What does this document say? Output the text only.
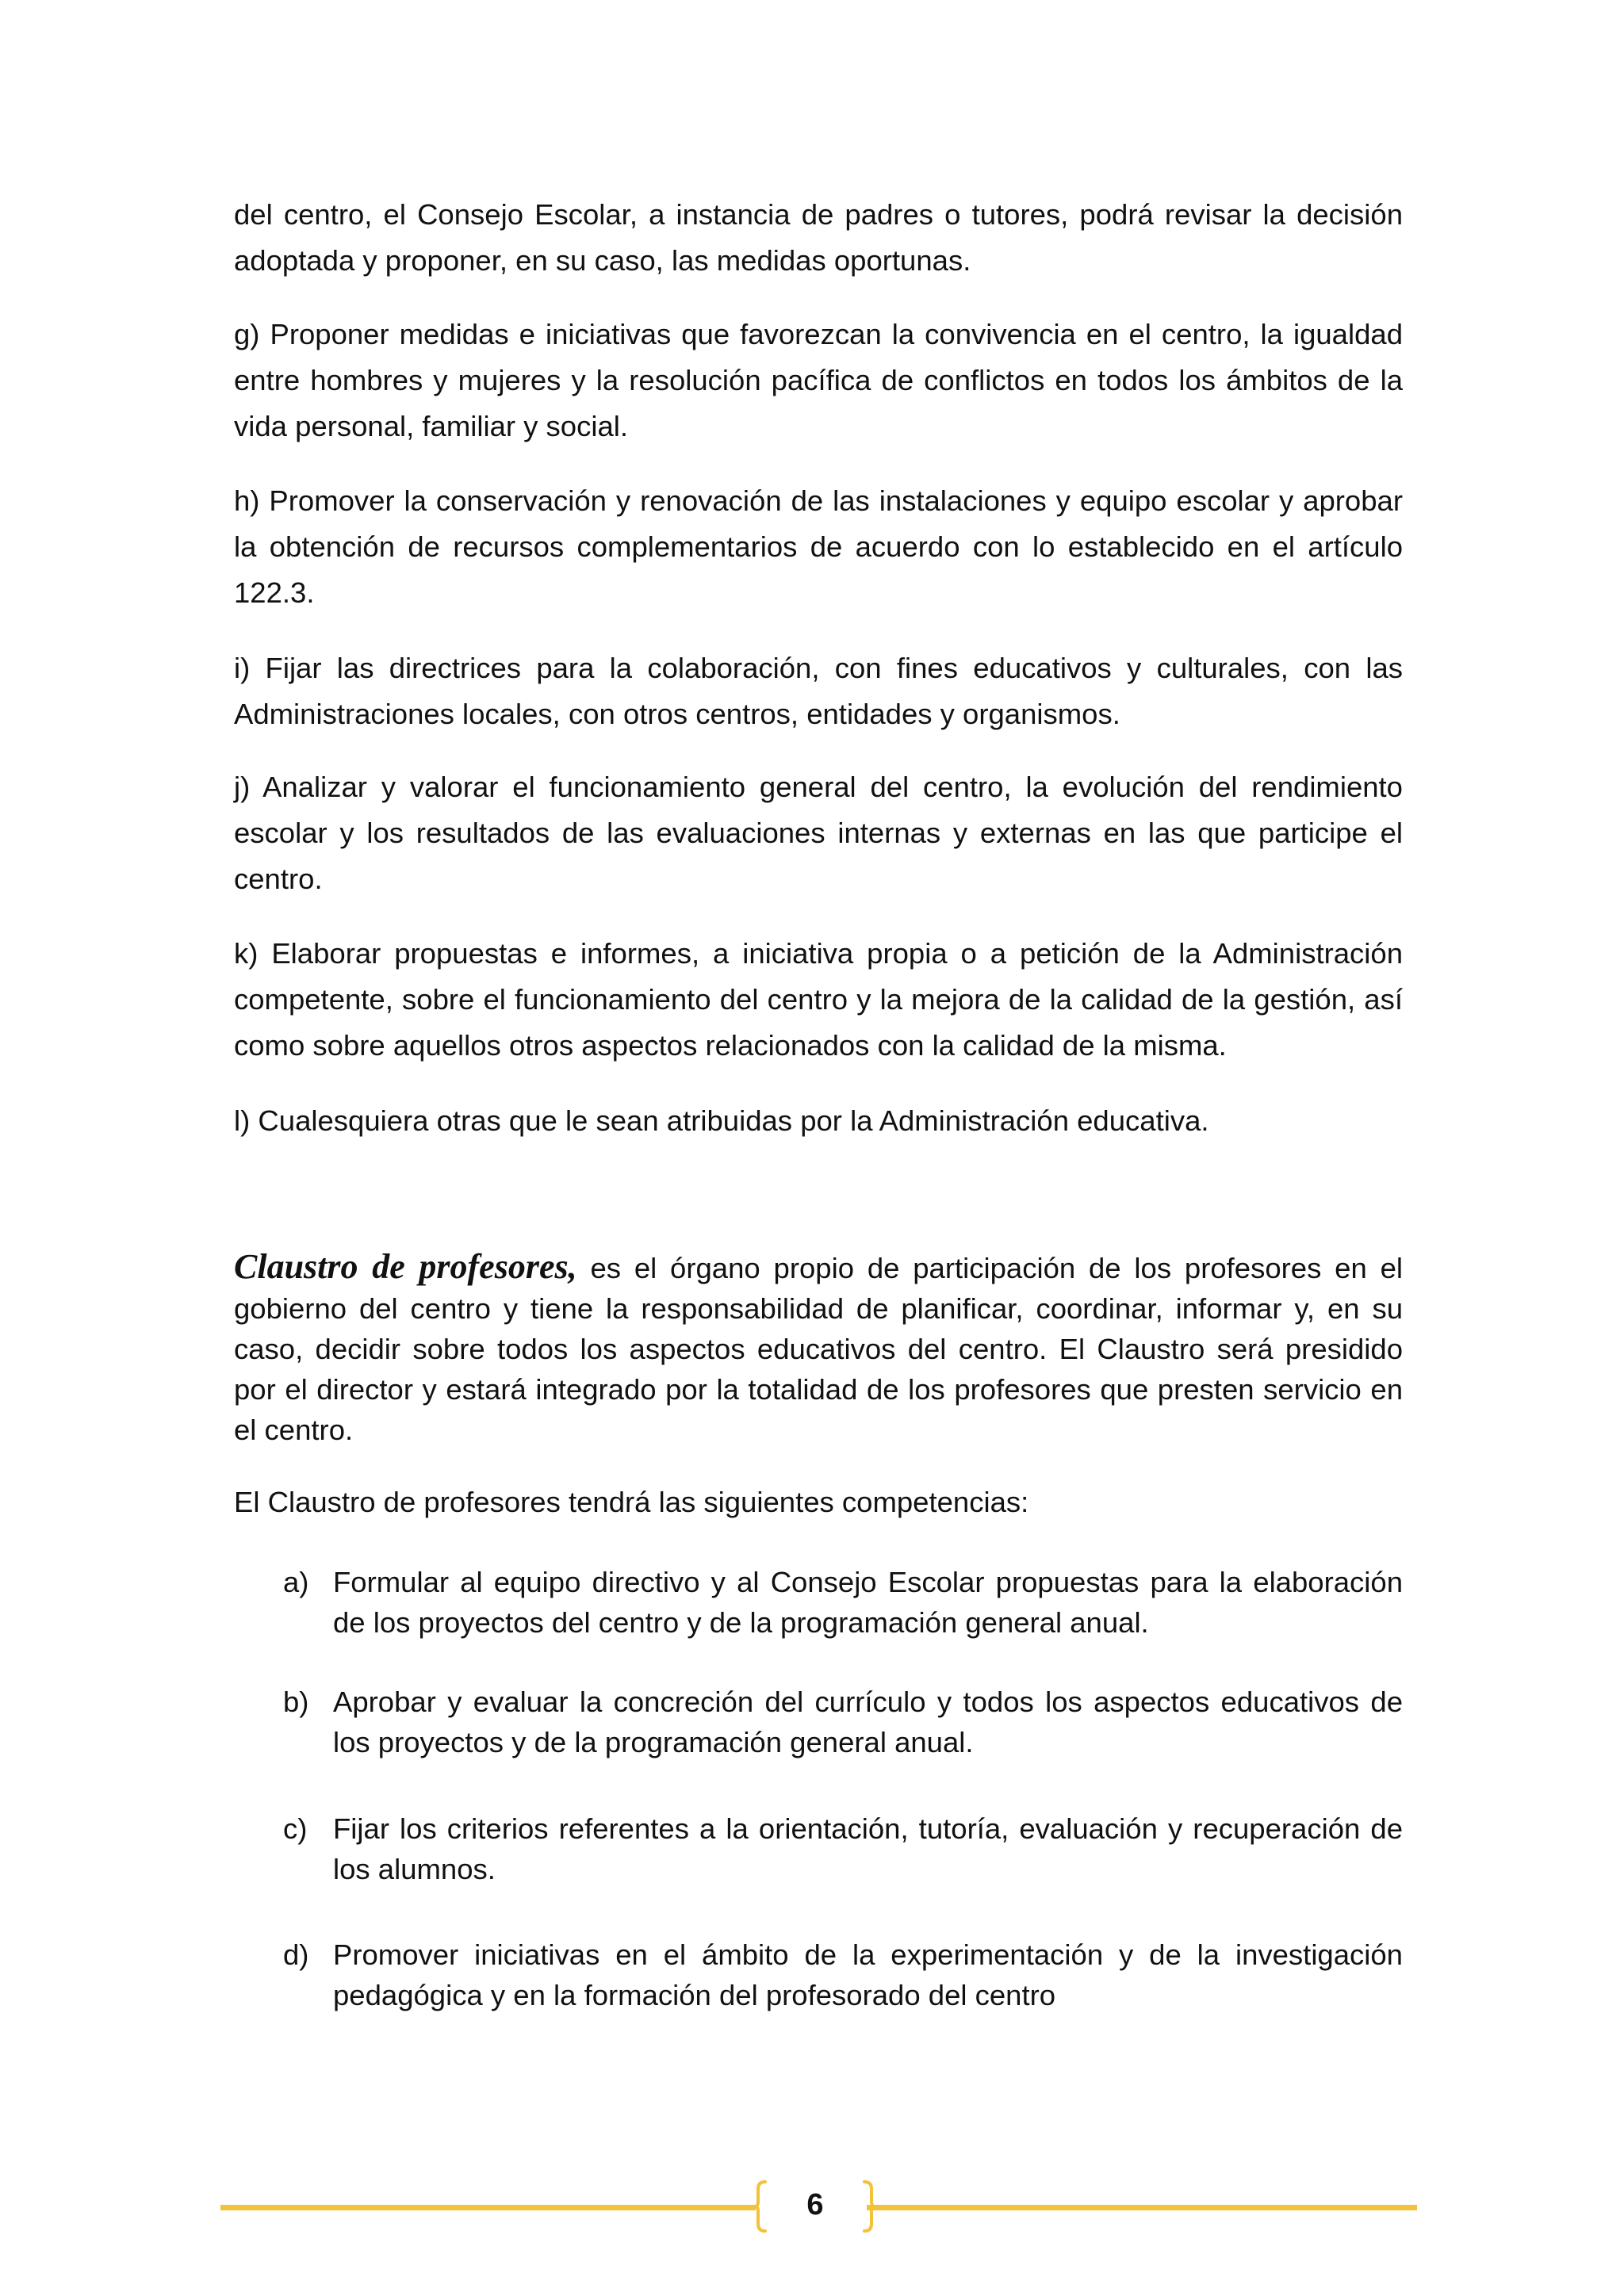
del centro, el Consejo Escolar, a instancia de padres o tutores, podrá revisar la decisión adoptada y proponer, en su caso, las medidas oportunas.

g) Proponer medidas e iniciativas que favorezcan la convivencia en el centro, la igualdad entre hombres y mujeres y la resolución pacífica de conflictos en todos los ámbitos de la vida personal, familiar y social.

h) Promover la conservación y renovación de las instalaciones y equipo escolar y aprobar la obtención de recursos complementarios de acuerdo con lo establecido en el artículo 122.3.

i) Fijar las directrices para la colaboración, con fines educativos y culturales, con las Administraciones locales, con otros centros, entidades y organismos.

j) Analizar y valorar el funcionamiento general del centro, la evolución del rendimiento escolar y los resultados de las evaluaciones internas y externas en las que participe el centro.

k) Elaborar propuestas e informes, a iniciativa propia o a petición de la Administración competente, sobre el funcionamiento del centro y la mejora de la calidad de la gestión, así como sobre aquellos otros aspectos relacionados con la calidad de la misma.

l) Cualesquiera otras que le sean atribuidas por la Administración educativa.

Claustro de profesores, es el órgano propio de participación de los profesores en el gobierno del centro y tiene la responsabilidad de planificar, coordinar, informar y, en su caso, decidir sobre todos los aspectos educativos del centro. El Claustro será presidido por el director y estará integrado por la totalidad de los profesores que presten servicio en el centro.

El Claustro de profesores tendrá las siguientes competencias:

a) Formular al equipo directivo y al Consejo Escolar propuestas para la elaboración de los proyectos del centro y de la programación general anual.

b) Aprobar y evaluar la concreción del currículo y todos los aspectos educativos de los proyectos y de la programación general anual.

c) Fijar los criterios referentes a la orientación, tutoría, evaluación y recuperación de los alumnos.

d) Promover iniciativas en el ámbito de la experimentación y de la investigación pedagógica y en la formación del profesorado del centro

6
